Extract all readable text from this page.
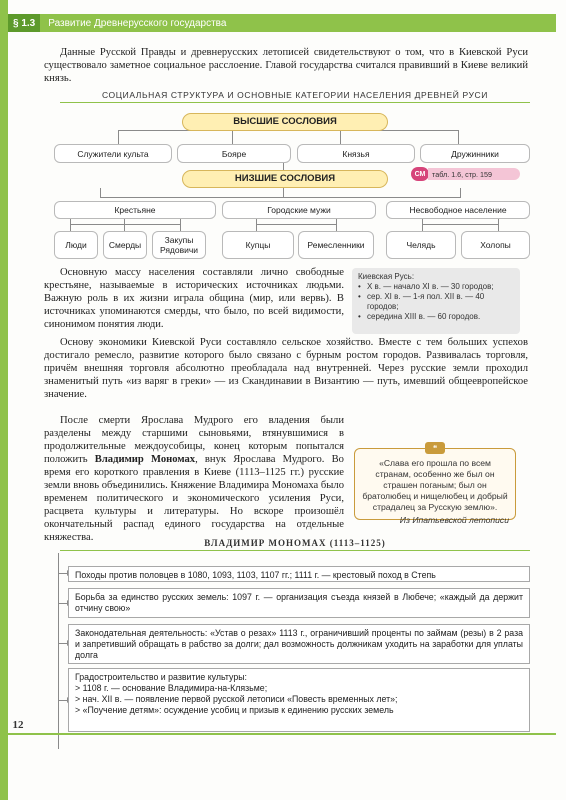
§ 1.3	Развитие Древнерусского государства

Данные Русской Правды и древнерусских летописей свидетельствуют о том, что в Киевской Руси существовало заметное социальное расслоение. Главой государства считался правивший в Киеве великий князь.

СОЦИАЛЬНАЯ СТРУКТУРА И ОСНОВНЫЕ КАТЕГОРИИ НАСЕЛЕНИЯ ДРЕВНЕЙ РУСИ
ВЫСШИЕ СОСЛОВИЯ
Служители культа	Бояре	Князья	Дружинники
НИЗШИЕ СОСЛОВИЯ	СМ табл. 1.6, стр. 159
Крестьяне	Городские мужи	Несвободное население
Люди	Смерды	Закупы Рядовичи	Купцы	Ремесленники	Челядь	Холопы

Основную массу населения составляли лично свободные крестьяне, называемые в исторических источниках людьми. Важную роль в их жизни играла община (мир, или вервь). В источниках упоминаются смерды, что было, по всей видимости, синонимом понятия люди.

Киевская Русь:
• X в. — начало XI в. — 30 городов;
• сер. XI в. — 1-я пол. XII в. — 40 городов;
• середина XIII в. — 60 городов.

Основу экономики Киевской Руси составляло сельское хозяйство. Вместе с тем больших успехов достигало ремесло, развитие которого было связано с бурным ростом городов. Развивалась торговля, причём внешняя торговля абсолютно преобладала над внутренней. Через русские земли проходил знаменитый путь «из варяг в греки» — из Скандинавии в Византию — путь, имевший общеевропейское значение.

После смерти Ярослава Мудрого его владения были разделены между старшими сыновьями, втянувшимися в продолжительные междоусобицы, конец которым попытался положить Владимир Мономах, внук Ярослава Мудрого. Во время его короткого правления в Киеве (1113–1125 гг.) русские земли вновь объединились. Княжение Владимира Мономаха было временем политического и экономического усиления Руси, расцвета культуры и литературы. Но вскоре произошёл окончательный распад единого государства на отдельные княжества.

«Слава его прошла по всем странам, особенно же был он страшен поганым; был он братолюбец и нищелюбец и добрый страдалец за Русскую землю».
Из Ипатьевской летописи
❝
ВЛАДИМИР МОНОМАХ (1113–1125)
Походы против половцев в 1080, 1093, 1103, 1107 гг.; 1111 г. — крестовый поход в Степь
Борьба за единство русских земель: 1097 г. — организация съезда князей в Любече; «каждый да держит отчину свою»
Законодательная деятельность: «Устав о резах» 1113 г., ограничивший проценты по займам (резы) в 2 раза и запретивший обращать в рабство за долги; дал возможность должникам уходить на заработки для уплаты долга
Градостроительство и развитие культуры:
> 1108 г. — основание Владимира-на-Клязьме;
> нач. XII в. — появление первой русской летописи «Повесть временных лет»;
> «Поучение детям»: осуждение усобиц и призыв к единению русских земель
12
